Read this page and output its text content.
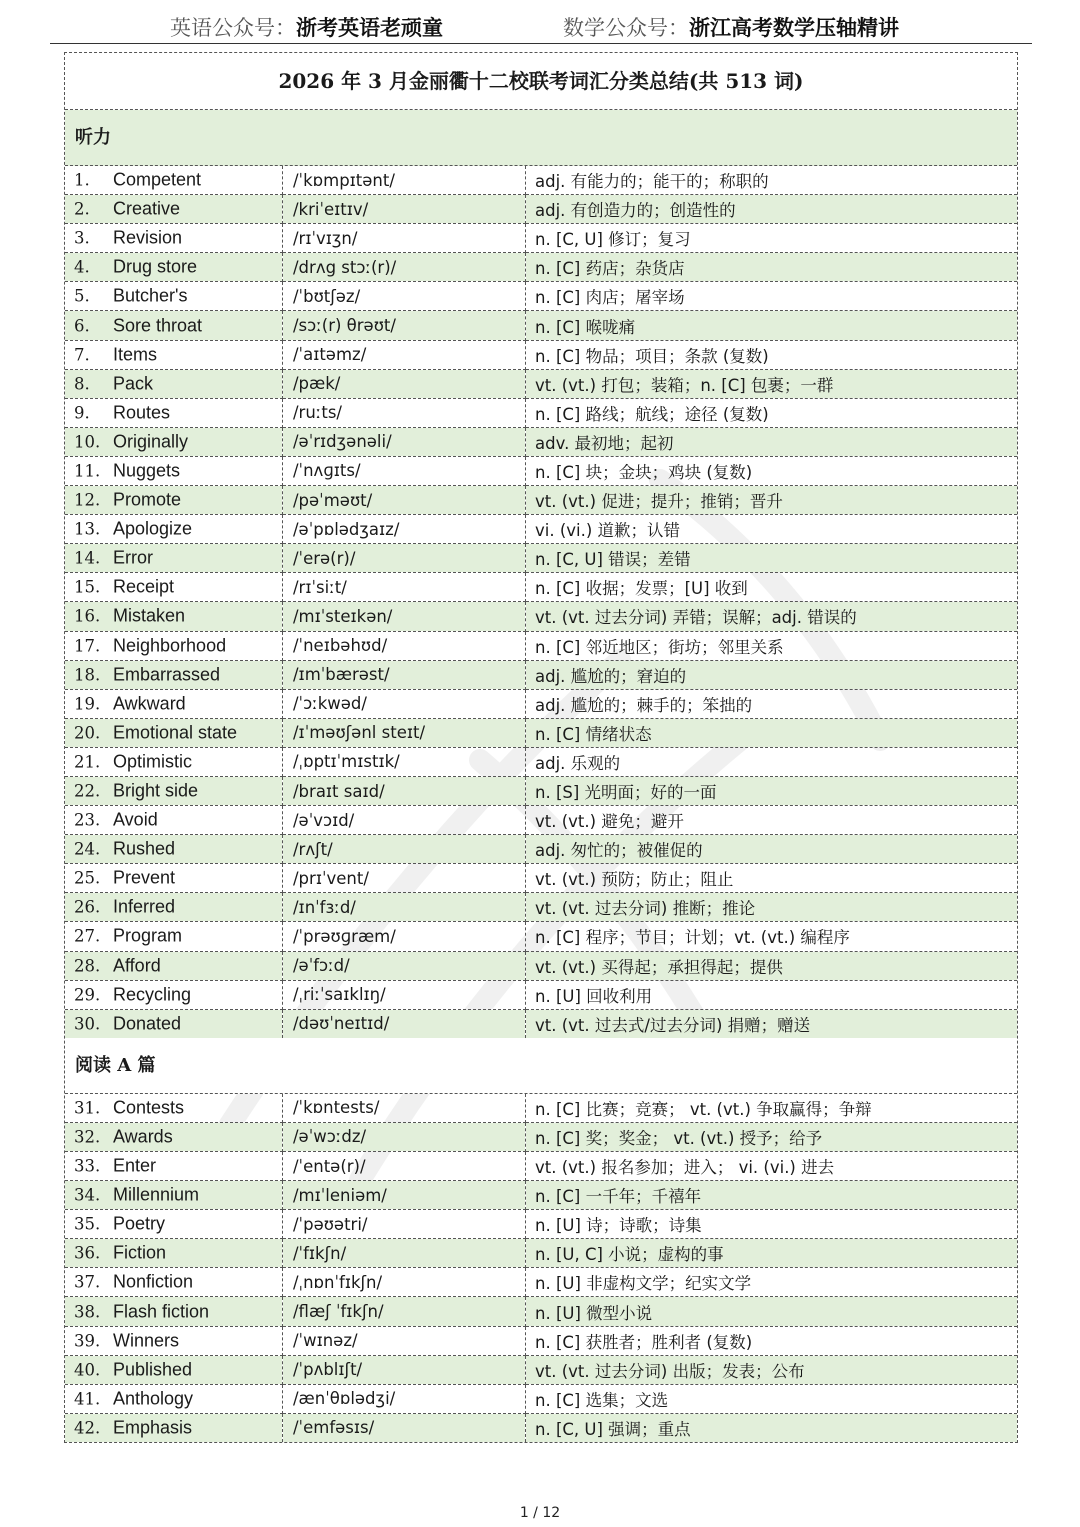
英语公众号：浙考英语老顽童	数学公众号：浙江高考数学压轴精讲
2026 年 3 月金丽衢十二校联考词汇分类总结(共 513 词)
听力
1. Competent	/ˈkɒmpɪtənt/	adj. 有能力的；能干的；称职的

2. Creative	/kriˈeɪtɪv/	adj. 有创造力的；创造性的

3. Revision	/rɪˈvɪʒn/	n. [C, U] 修订；复习

4. Drug store	/drʌg stɔː(r)/	n. [C] 药店；杂货店

5. Butcher's	/ˈbʊtʃəz/	n. [C] 肉店；屠宰场

6. Sore throat	/sɔː(r) θrəʊt/	n. [C] 喉咙痛

7. Items	/ˈaɪtəmz/	n. [C] 物品；项目；条款 (复数)

8. Pack	/pæk/	vt. (vt.) 打包；装箱；n. [C] 包裹；一群

9. Routes	/ruːts/	n. [C] 路线；航线；途径 (复数)

10. Originally	/əˈrɪdʒənəli/	adv. 最初地；起初

11. Nuggets	/ˈnʌɡɪts/	n. [C] 块；金块；鸡块 (复数)

12. Promote	/pəˈməʊt/	vt. (vt.) 促进；提升；推销；晋升

13. Apologize	/əˈpɒlədʒaɪz/	vi. (vi.) 道歉；认错

14. Error	/ˈerə(r)/	n. [C, U] 错误；差错

15. Receipt	/rɪˈsiːt/	n. [C] 收据；发票；[U] 收到

16. Mistaken	/mɪˈsteɪkən/	vt. (vt. 过去分词) 弄错；误解；adj. 错误的

17. Neighborhood	/ˈneɪbəhʊd/	n. [C] 邻近地区；街坊；邻里关系

18. Embarrassed	/ɪmˈbærəst/	adj. 尴尬的；窘迫的

19. Awkward	/ˈɔːkwəd/	adj. 尴尬的；棘手的；笨拙的

20. Emotional state	/ɪˈməʊʃənl steɪt/	n. [C] 情绪状态

21. Optimistic	/ˌɒptɪˈmɪstɪk/	adj. 乐观的

22. Bright side	/braɪt saɪd/	n. [S] 光明面；好的一面

23. Avoid	/əˈvɔɪd/	vt. (vt.) 避免；避开

24. Rushed	/rʌʃt/	adj. 匆忙的；被催促的

25. Prevent	/prɪˈvent/	vt. (vt.) 预防；防止；阻止

26. Inferred	/ɪnˈfɜːd/	vt. (vt. 过去分词) 推断；推论

27. Program	/ˈprəʊɡræm/	n. [C] 程序；节目；计划；vt. (vt.) 编程序

28. Afford	/əˈfɔːd/	vt. (vt.) 买得起；承担得起；提供

29. Recycling	/ˌriːˈsaɪklɪŋ/	n. [U] 回收利用

30. Donated	/dəʊˈneɪtɪd/	vt. (vt. 过去式/过去分词) 捐赠；赠送
阅读 A 篇
31. Contests	/ˈkɒntests/	n. [C] 比赛；竞赛； vt. (vt.) 争取赢得；争辩

32. Awards	/əˈwɔːdz/	n. [C] 奖；奖金； vt. (vt.) 授予；给予

33. Enter	/ˈentə(r)/	vt. (vt.) 报名参加；进入； vi. (vi.) 进去

34. Millennium	/mɪˈleniəm/	n. [C] 一千年；千禧年

35. Poetry	/ˈpəʊətri/	n. [U] 诗；诗歌；诗集

36. Fiction	/ˈfɪkʃn/	n. [U, C] 小说；虚构的事

37. Nonfiction	/ˌnɒnˈfɪkʃn/	n. [U] 非虚构文学；纪实文学

38. Flash fiction	/flæʃ ˈfɪkʃn/	n. [U] 微型小说

39. Winners	/ˈwɪnəz/	n. [C] 获胜者；胜利者 (复数)

40. Published	/ˈpʌblɪʃt/	vt. (vt. 过去分词) 出版；发表；公布

41. Anthology	/ænˈθɒlədʒi/	n. [C] 选集；文选

42. Emphasis	/ˈemfəsɪs/	n. [C, U] 强调；重点
1 / 12
